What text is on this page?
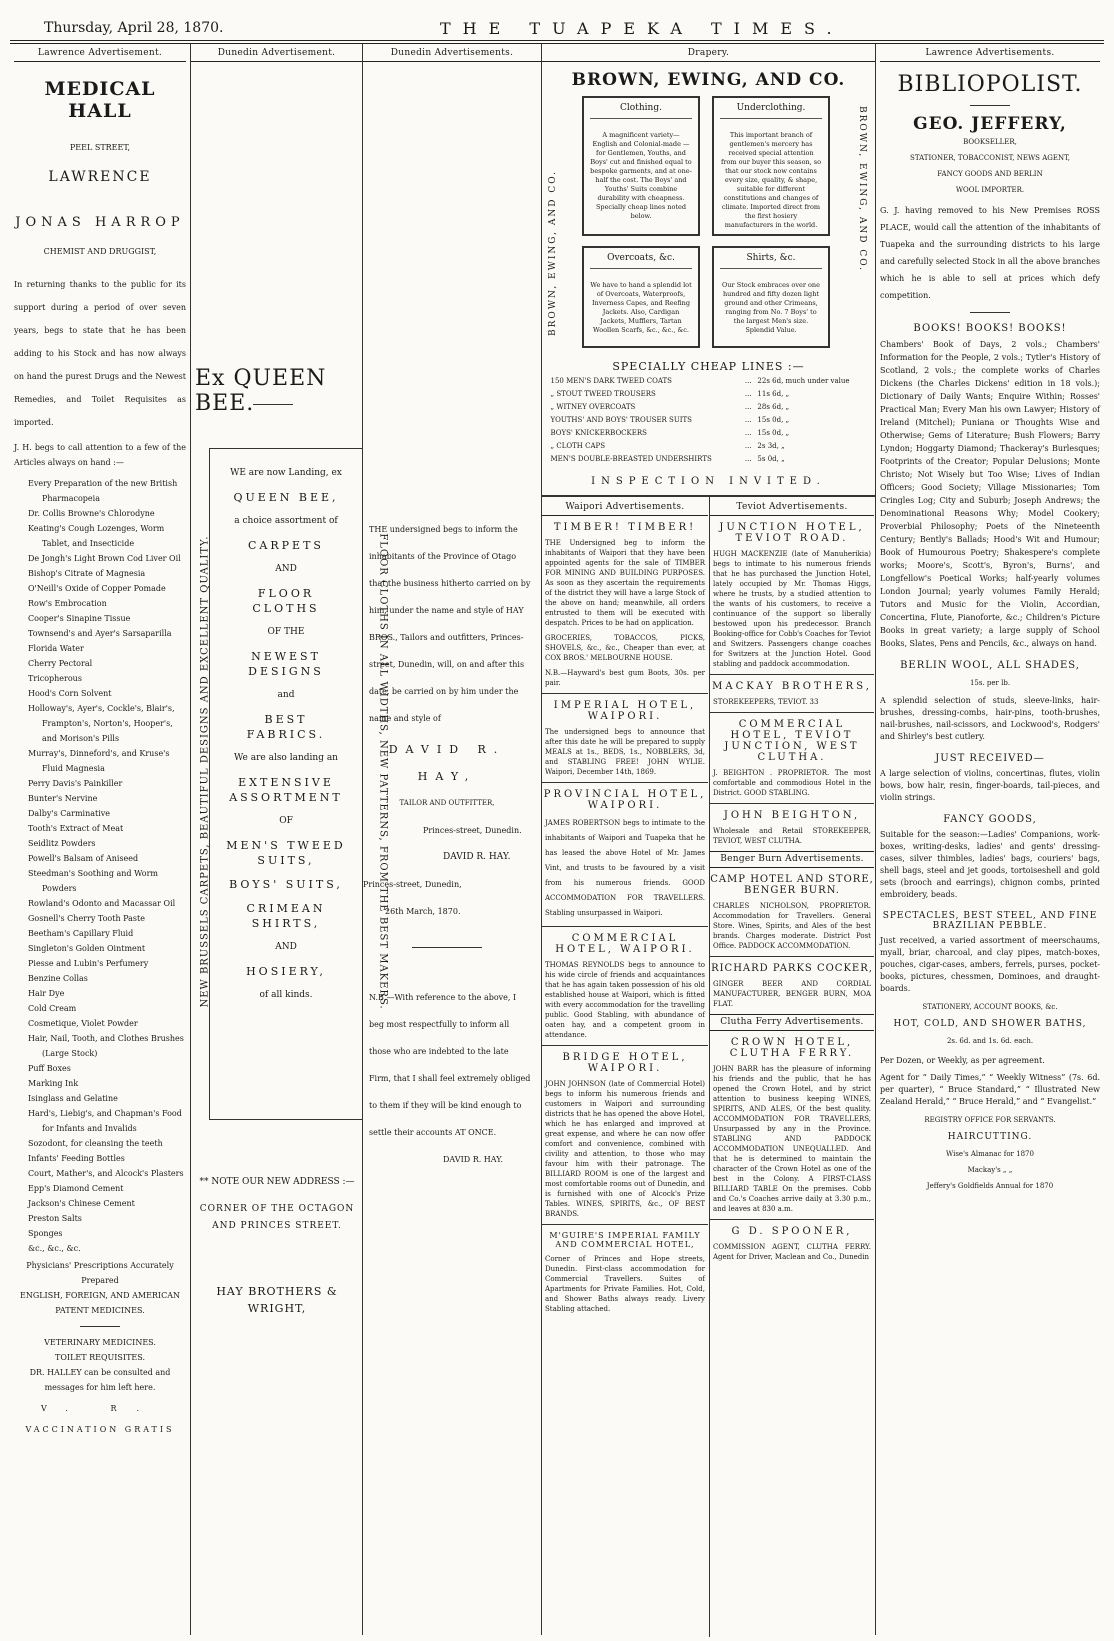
Thursday, April 28, 1870.	THE TUAPEKA TIMES.
Lawrence Advertisement.
MEDICAL HALL
PEEL STREET,
LAWRENCE
JONAS HARROP
CHEMIST AND DRUGGIST,

In returning thanks to the public for its support during a period of over seven years, begs to state that he has been adding to his Stock and has now always on hand the purest Drugs and the Newest Remedies, and Toilet Requisites as imported.

J. H. begs to call attention to a few of the Articles always on hand :—

Every Preparation of the new British Pharmacopeia
Dr. Collis Browne's Chlorodyne
Keating's Cough Lozenges, Worm Tablet, and Insecticide
De Jongh's Light Brown Cod Liver Oil
Bishop's Citrate of Magnesia
O'Neill's Oxide of Copper Pomade
Row's Embrocation
Cooper's Sinapine Tissue
Townsend's and Ayer's Sarsaparilla
Florida Water
Cherry Pectoral
Tricopherous
Hood's Corn Solvent
Holloway's, Ayer's, Cockle's, Blair's, Frampton's, Norton's, Hooper's, and Morison's Pills
Murray's, Dinneford's, and Kruse's Fluid Magnesia
Perry Davis's Painkiller
Bunter's Nervine
Dalby's Carminative
Tooth's Extract of Meat
Seidlitz Powders
Powell's Balsam of Aniseed
Steedman's Soothing and Worm Powders
Rowland's Odonto and Macassar Oil
Gosnell's Cherry Tooth Paste
Beetham's Capillary Fluid
Singleton's Golden Ointment
Piesse and Lubin's Perfumery
Benzine Collas
Hair Dye
Cold Cream
Cosmetique, Violet Powder
Hair, Nail, Tooth, and Clothes Brushes (Large Stock)
Puff Boxes
Marking Ink
Isinglass and Gelatine
Hard's, Liebig's, and Chapman's Food for Infants and Invalids
Sozodont, for cleansing the teeth
Infants' Feeding Bottles
Court, Mather's, and Alcock's Plasters
Epp's Diamond Cement
Jackson's Chinese Cement
Preston Salts
Sponges
&c., &c., &c.
Physicians' Prescriptions Accurately Prepared
ENGLISH, FOREIGN, AND AMERICAN PATENT MEDICINES.
VETERINARY MEDICINES.
TOILET REQUISITES.
DR. HALLEY can be consulted and messages for him left here.
V. R.
VACCINATION GRATIS
Dunedin Advertisement.
Ex QUEEN BEE.
WE are now Landing, ex
QUEEN BEE,
a choice assortment of
CARPETS
AND
FLOOR CLOTHS
OF THE
NEWEST DESIGNS
and
BEST FABRICS.
We are also landing an
EXTENSIVE ASSORTMENT
OF
MEN'S TWEED SUITS,
BOYS' SUITS,
CRIMEAN SHIRTS,
AND
HOSIERY,
of all kinds.
NEW BRUSSELS CARPETS, BEAUTIFUL DESIGNS AND EXCELLENT QUALITY.
** NOTE OUR NEW ADDRESS :—
CORNER OF THE OCTAGON AND PRINCES STREET.
HAY BROTHERS & WRIGHT,
Dunedin Advertisements.
FLOOR CLOTHS IN ALL WIDTHS, NEW PATTERNS, FROM THE BEST MAKERS.

THE undersigned begs to inform the inhabitants of the Province of Otago that the business hitherto carried on by him, under the name and style of HAY BROS., Tailors and outfitters, Princes-street, Dunedin, will, on and after this date, be carried on by him under the name and style of

DAVID R. HAY,

TAILOR AND OUTFITTER,

Princes-street, Dunedin.

DAVID R. HAY.

Princes-street, Dunedin,

26th March, 1870.

N.B.—With reference to the above, I beg most respectfully to inform all those who are indebted to the late Firm, that I shall feel extremely obliged to them if they will be kind enough to settle their accounts AT ONCE.

DAVID R. HAY.

Drapery.
BROWN, EWING, AND CO.
BROWN, EWING, AND CO.	BROWN, EWING, AND CO.
Clothing.
A magnificent variety—English and Colonial-made —for Gentlemen, Youths, and Boys' cut and finished equal to bespoke garments, and at one-half the cost. The Boys' and Youths' Suits combine durability with cheapness. Specially cheap lines noted below.
Underclothing.
This important branch of gentlemen's mercery has received special attention from our buyer this season, so that our stock now contains every size, quality, & shape, suitable for different constitutions and changes of climate. Imported direct from the first hosiery manufacturers in the world.
Overcoats, &c.
We have to hand a splendid lot of Overcoats, Waterproofs, Inverness Capes, and Reefing Jackets. Also, Cardigan Jackets, Mufflers, Tartan Woollen Scarfs, &c., &c., &c.
Shirts, &c.
Our Stock embraces over one hundred and fifty dozen light ground and other Crimeans, ranging from No. 7 Boys' to the largest Men's size. Splendid Value.
SPECIALLY CHEAP LINES :—
150 MEN'S DARK TWEED COATS	...	22s 6d, much under value
„ STOUT TWEED TROUSERS	...	11s 6d, „
„ WITNEY OVERCOATS	...	28s 6d, „
YOUTHS' AND BOYS' TROUSER SUITS	...	15s 0d, „
BOYS' KNICKERBOCKERS	...	15s 0d, „
„ CLOTH CAPS	...	2s 3d, „
MEN'S DOUBLE-BREASTED UNDERSHIRTS	...	5s 0d, „
INSPECTION INVITED.
Waipori Advertisements.
TIMBER! TIMBER!
THE Undersigned beg to inform the inhabitants of Waipori that they have been appointed agents for the sale of TIMBER FOR MINING AND BUILDING PURPOSES. As soon as they ascertain the requirements of the district they will have a large Stock of the above on hand; meanwhile, all orders entrusted to them will be executed with despatch. Prices to be had on application.
GROCERIES, TOBACCOS, PICKS, SHOVELS, &c., &c., Cheaper than ever, at COX BROS.' MELBOURNE HOUSE.
N.B.—Hayward's best gum Boots, 30s. per pair.
IMPERIAL HOTEL, WAIPORI.
The undersigned begs to announce that after this date he will be prepared to supply MEALS at 1s., BEDS, 1s., NOBBLERS, 3d, and STABLING FREE! JOHN WYLIE. Waipori, December 14th, 1869.
PROVINCIAL HOTEL, WAIPORI.
JAMES ROBERTSON begs to intimate to the inhabitants of Waipori and Tuapeka that he has leased the above Hotel of Mr. James Vint, and trusts to be favoured by a visit from his numerous friends. GOOD ACCOMMODATION FOR TRAVELLERS. Stabling unsurpassed in Waipori.
COMMERCIAL HOTEL, WAIPORI.
THOMAS REYNOLDS begs to announce to his wide circle of friends and acquaintances that he has again taken possession of his old established house at Waipori, which is fitted with every accommodation for the travelling public. Good Stabling, with abundance of oaten hay, and a competent groom in attendance.
BRIDGE HOTEL, WAIPORI.
JOHN JOHNSON (late of Commercial Hotel) begs to inform his numerous friends and customers in Waipori and surrounding districts that he has opened the above Hotel, which he has enlarged and improved at great expense, and where he can now offer comfort and convenience, combined with civility and attention, to those who may favour him with their patronage. The BILLIARD ROOM is one of the largest and most comfortable rooms out of Dunedin, and is furnished with one of Alcock's Prize Tables. WINES, SPIRITS, &c., OF BEST BRANDS.
M'GUIRE'S IMPERIAL FAMILY AND COMMERCIAL HOTEL,
Corner of Princes and Hope streets, Dunedin. First-class accommodation for Commercial Travellers. Suites of Apartments for Private Families. Hot, Cold, and Shower Baths always ready. Livery Stabling attached.
Teviot Advertisements.
JUNCTION HOTEL, TEVIOT ROAD.
HUGH MACKENZIE (late of Manuherikia) begs to intimate to his numerous friends that he has purchased the Junction Hotel, lately occupied by Mr. Thomas Higgs, where he trusts, by a studied attention to the wants of his customers, to receive a continuance of the support so liberally bestowed upon his predecessor. Branch Booking-office for Cobb's Coaches for Teviot and Switzers. Passengers change coaches for Switzers at the Junction Hotel. Good stabling and paddock accommodation.
MACKAY BROTHERS,
STOREKEEPERS, TEVIOT. 33
COMMERCIAL HOTEL, TEVIOT JUNCTION, WEST CLUTHA.
J. BEIGHTON . PROPRIETOR. The most comfortable and commodious Hotel in the District. GOOD STABLING.
JOHN BEIGHTON,
Wholesale and Retail STOREKEEPER, TEVIOT, WEST CLUTHA.
Benger Burn Advertisements.
CAMP HOTEL AND STORE, BENGER BURN.
CHARLES NICHOLSON, PROPRIETOR. Accommodation for Travellers. General Store. Wines, Spirits, and Ales of the best brands. Charges moderate. District Post Office. PADDOCK ACCOMMODATION.
RICHARD PARKS COCKER,
GINGER BEER AND CORDIAL MANUFACTURER, BENGER BURN, MOA FLAT.
Clutha Ferry Advertisements.
CROWN HOTEL, CLUTHA FERRY.
JOHN BARR has the pleasure of informing his friends and the public, that he has opened the Crown Hotel, and by strict attention to business keeping WINES, SPIRITS, AND ALES, Of the best quality. ACCOMMODATION FOR TRAVELLERS, Unsurpassed by any in the Province. STABLING AND PADDOCK ACCOMMODATION UNEQUALLED. And that he is determined to maintain the character of the Crown Hotel as one of the best in the Colony. A FIRST-CLASS BILLIARD TABLE On the premises. Cobb and Co.'s Coaches arrive daily at 3.30 p.m., and leaves at 830 a.m.
G D. SPOONER,
COMMISSION AGENT, CLUTHA FERRY. Agent for Driver, Maclean and Co., Dunedin
Lawrence Advertisements.
BIBLIOPOLIST.
GEO. JEFFERY,
BOOKSELLER,
STATIONER, TOBACCONIST, NEWS AGENT,
FANCY GOODS AND BERLIN
WOOL IMPORTER.

G. J. having removed to his New Premises ROSS PLACE, would call the attention of the inhabitants of Tuapeka and the surrounding districts to his large and carefully selected Stock in all the above branches which he is able to sell at prices which defy competition.

BOOKS! BOOKS! BOOKS!

Chambers' Book of Days, 2 vols.; Chambers' Information for the People, 2 vols.; Tytler's History of Scotland, 2 vols.; the complete works of Charles Dickens (the Charles Dickens' edition in 18 vols.); Dictionary of Daily Wants; Enquire Within; Rosses' Practical Man; Every Man his own Lawyer; History of Ireland (Mitchel); Puniana or Thoughts Wise and Otherwise; Gems of Literature; Bush Flowers; Barry Lyndon; Hoggarty Diamond; Thackeray's Burlesques; Footprints of the Creator; Popular Delusions; Monte Christo; Not Wisely but Too Wise; Lives of Indian Officers; Good Society; Village Missionaries; Tom Cringles Log; City and Suburb; Joseph Andrews; the Denominational Reasons Why; Model Cookery; Proverbial Philosophy; Poets of the Nineteenth Century; Bently's Ballads; Hood's Wit and Humour; Book of Humourous Poetry; Shakespere's complete works; Moore's, Scott's, Byron's, Burns', and Longfellow's Poetical Works; half-yearly volumes London Journal; yearly volumes Family Herald; Tutors and Music for the Violin, Accordian, Concertina, Flute, Pianoforte, &c.; Children's Picture Books in great variety; a large supply of School Books, Slates, Pens and Pencils, &c., always on hand.

BERLIN WOOL, ALL SHADES,
15s. per lb.

A splendid selection of studs, sleeve-links, hair-brushes, dressing-combs, hair-pins, tooth-brushes, nail-brushes, nail-scissors, and Lockwood's, Rodgers' and Shirley's best cutlery.

JUST RECEIVED—

A large selection of violins, concertinas, flutes, violin bows, bow hair, resin, finger-boards, tail-pieces, and violin strings.

FANCY GOODS,

Suitable for the season:—Ladies' Companions, work-boxes, writing-desks, ladies' and gents' dressing-cases, silver thimbles, ladies' bags, couriers' bags, shell bags, steel and jet goods, tortoiseshell and gold sets (brooch and earrings), chignon combs, printed embroidery, beads.

SPECTACLES, BEST STEEL, AND FINE BRAZILIAN PEBBLE.

Just received, a varied assortment of meerschaums, myall, briar, charcoal, and clay pipes, match-boxes, pouches, cigar-cases, ambers, ferrels, purses, pocket-books, pictures, chessmen, Dominoes, and draught-boards.

STATIONERY, ACCOUNT BOOKS, &c.
HOT, COLD, AND SHOWER BATHS,
2s. 6d. and 1s. 6d. each.

Per Dozen, or Weekly, as per agreement.

Agent for “ Daily Times,” “ Weekly Witness” (7s. 6d. per quarter), “ Bruce Standard,” “ Illustrated New Zealand Herald,” “ Bruce Herald,” and “ Evangelist.”

REGISTRY OFFICE FOR SERVANTS.
HAIRCUTTING.
Wise's Almanac for 1870
Mackay's „ „
Jeffery's Goldfields Annual for 1870
